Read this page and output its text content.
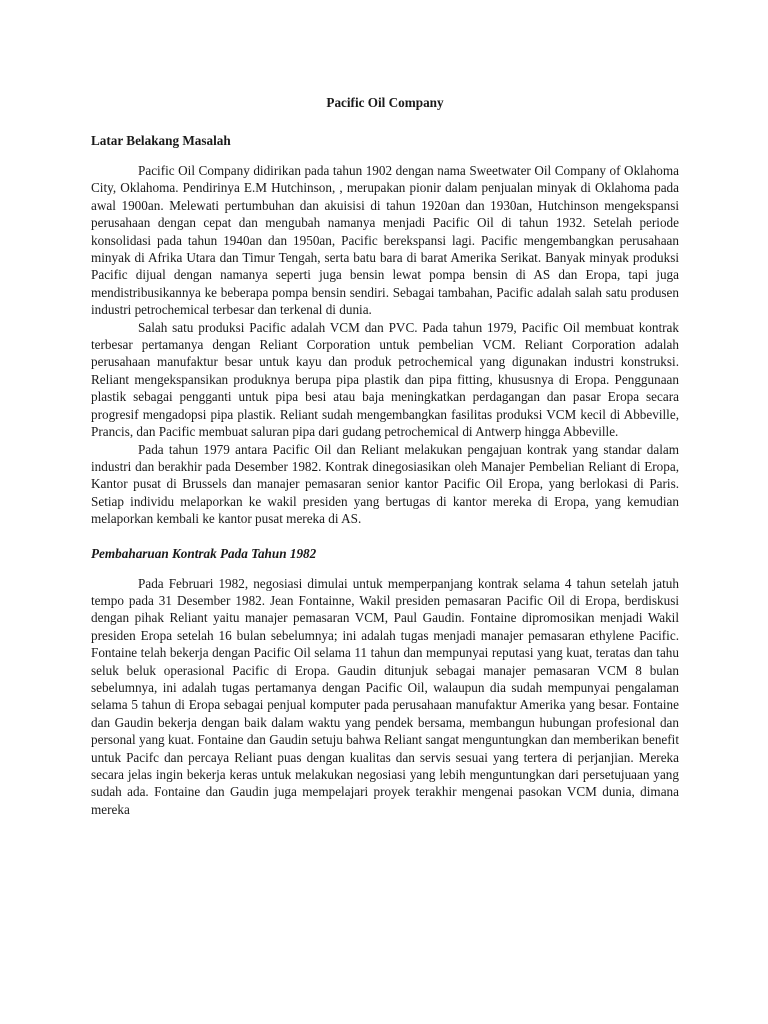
Pacific Oil Company
Latar Belakang Masalah

Pacific Oil Company didirikan pada tahun 1902 dengan nama Sweetwater Oil Company of Oklahoma City, Oklahoma. Pendirinya E.M Hutchinson, , merupakan pionir dalam penjualan minyak di Oklahoma pada awal 1900an. Melewati pertumbuhan dan akuisisi di tahun 1920an dan 1930an, Hutchinson mengekspansi perusahaan dengan cepat dan mengubah namanya menjadi Pacific Oil di tahun 1932. Setelah periode konsolidasi pada tahun 1940an dan 1950an, Pacific berekspansi lagi. Pacific mengembangkan perusahaan minyak di Afrika Utara dan Timur Tengah, serta batu bara di barat Amerika Serikat. Banyak minyak produksi Pacific dijual dengan namanya seperti juga bensin lewat pompa bensin di AS dan Eropa, tapi juga mendistribusikannya ke beberapa pompa bensin sendiri. Sebagai tambahan, Pacific adalah salah satu produsen industri petrochemical terbesar dan terkenal di dunia.

Salah satu produksi Pacific adalah VCM dan PVC. Pada tahun 1979, Pacific Oil membuat kontrak terbesar pertamanya dengan Reliant Corporation untuk pembelian VCM. Reliant Corporation adalah perusahaan manufaktur besar untuk kayu dan produk petrochemical yang digunakan industri konstruksi. Reliant mengekspansikan produknya berupa pipa plastik dan pipa fitting, khususnya di Eropa. Penggunaan plastik sebagai pengganti untuk pipa besi atau baja meningkatkan perdagangan dan pasar Eropa secara progresif mengadopsi pipa plastik. Reliant sudah mengembangkan fasilitas produksi VCM kecil di Abbeville, Prancis, dan Pacific membuat saluran pipa dari gudang petrochemical di Antwerp hingga Abbeville.

Pada tahun 1979 antara Pacific Oil dan Reliant melakukan pengajuan kontrak yang standar dalam industri dan berakhir pada Desember 1982. Kontrak dinegosiasikan oleh Manajer Pembelian Reliant di Eropa, Kantor pusat di Brussels dan manajer pemasaran senior kantor Pacific Oil Eropa, yang berlokasi di Paris. Setiap individu melaporkan ke wakil presiden yang bertugas di kantor mereka di Eropa, yang kemudian melaporkan kembali ke kantor pusat mereka di AS.

Pembaharuan Kontrak Pada Tahun 1982

Pada Februari 1982, negosiasi dimulai untuk memperpanjang kontrak selama 4 tahun setelah jatuh tempo pada 31 Desember 1982. Jean Fontainne, Wakil presiden pemasaran Pacific Oil di Eropa, berdiskusi dengan pihak Reliant yaitu manajer pemasaran VCM, Paul Gaudin. Fontaine dipromosikan menjadi Wakil presiden Eropa setelah 16 bulan sebelumnya; ini adalah tugas menjadi manajer pemasaran ethylene Pacific. Fontaine telah bekerja dengan Pacific Oil selama 11 tahun dan mempunyai reputasi yang kuat, teratas dan tahu seluk beluk operasional Pacific di Eropa. Gaudin ditunjuk sebagai manajer pemasaran VCM 8 bulan sebelumnya, ini adalah tugas pertamanya dengan Pacific Oil, walaupun dia sudah mempunyai pengalaman selama 5 tahun di Eropa sebagai penjual komputer pada perusahaan manufaktur Amerika yang besar. Fontaine dan Gaudin bekerja dengan baik dalam waktu yang pendek bersama, membangun hubungan profesional dan personal yang kuat. Fontaine dan Gaudin setuju bahwa Reliant sangat menguntungkan dan memberikan benefit untuk Pacifc dan percaya Reliant puas dengan kualitas dan servis sesuai yang tertera di perjanjian. Mereka secara jelas ingin bekerja keras untuk melakukan negosiasi yang lebih menguntungkan dari persetujuaan yang sudah ada. Fontaine dan Gaudin juga mempelajari proyek terakhir mengenai pasokan VCM dunia, dimana mereka
